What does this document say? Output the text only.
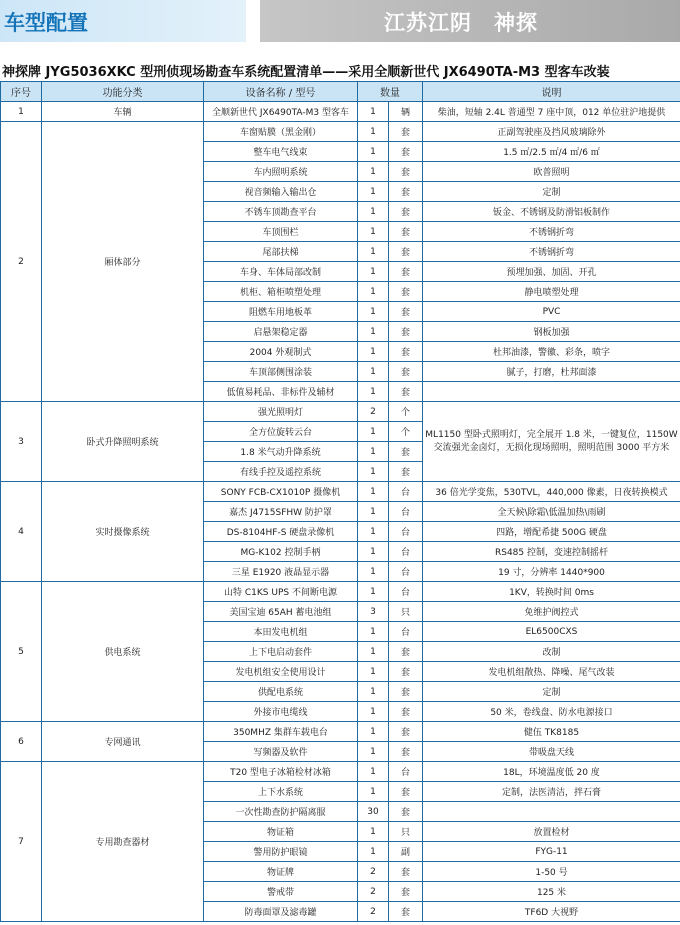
车型配置	江苏江阴　神探
神探牌 JYG5036XKC 型刑侦现场勘查车系统配置清单——采用全顺新世代 JX6490TA-M3 型客车改装
序号	功能分类	设备名称 / 型号	数量		说明
1	车辆	全顺新世代 JX6490TA-M3 型客车	1	辆	柴油，短轴 2.4L 普通型 7 座中顶，012 单位驻沪地提供
2	厢体部分	车窗贴膜（黑金刚）	1	套	正副驾驶座及挡风玻璃除外
		整车电气线束	1	套	1.5 ㎡/2.5 ㎡/4 ㎡/6 ㎡
		车内照明系统	1	套	欧普照明
		视音频输入输出仓	1	套	定制
		不锈车顶勘查平台	1	套	钣金、不锈钢及防滑铝板制作
		车顶围栏	1	套	不锈钢折弯
		尾部扶梯	1	套	不锈钢折弯
		车身、车体局部改制	1	套	预埋加强、加固、开孔
		机柜、箱柜喷塑处理	1	套	静电喷塑处理
		阻燃车用地板革	1	套	PVC
		启悬架稳定器	1	套	钢板加强
		2004 外观制式	1	套	杜邦油漆，警徽、彩条，喷字
		车顶部侧围涂装	1	套	腻子，打磨，杜邦面漆
		低值易耗品、非标件及辅材	1	套	
3	卧式升降照明系统	强光照明灯	2	个	ML1150 型卧式照明灯，完全展开 1.8 米，一键复位，1150W 交流强光金卤灯，无损化现场照明，照明范围 3000 平方米
		全方位旋转云台	1	个	
		1.8 米气动升降系统	1	套	
		有线手控及遥控系统	1	套	
4	实时摄像系统	SONY FCB-CX1010P 摄像机	1	台	36 倍光学变焦，530TVL，440,000 像素，日夜转换模式
		嘉杰 J4715SFHW 防护罩	1	台	全天候\除霜\低温加热\雨刷
		DS-8104HF-S 硬盘录像机	1	台	四路，增配希捷 500G 硬盘
		MG-K102 控制手柄	1	台	RS485 控制，变速控制摇杆
		三星 E1920 液晶显示器	1	台	19 寸，分辨率 1440*900
5	供电系统	山特 C1KS UPS 不间断电源	1	台	1KV，转换时间 0ms
		美国宝迪 65AH 蓄电池组	3	只	免维护阀控式
		本田发电机组	1	台	EL6500CXS
		上下电启动套件	1	套	改制
		发电机组安全使用设计	1	套	发电机组散热、降噪、尾气改装
		供配电系统	1	套	定制
		外接市电缆线	1	套	50 米，卷线盘、防水电源接口
6	专网通讯	350MHZ 集群车载电台	1	套	健伍 TK8185
		写频器及软件	1	套	带吸盘天线
7	专用勘查器材	T20 型电子冰箱检材冰箱	1	台	18L，环境温度低 20 度
		上下水系统	1	套	定制，法医清洁，拌石膏
		一次性勘查防护隔离服	30	套	
		物证箱	1	只	放置检材
		警用防护眼镜	1	副	FYG-11
		物证牌	2	套	1-50 号
		警戒带	2	套	125 米
		防毒面罩及滤毒罐	2	套	TF6D 大视野
